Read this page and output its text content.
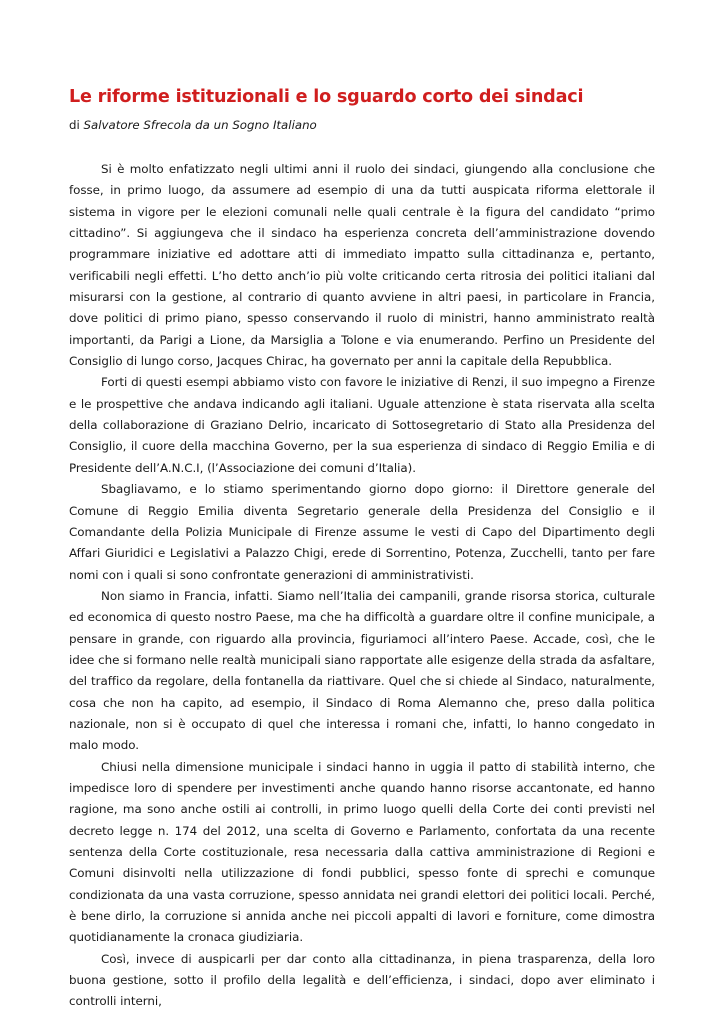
Le riforme istituzionali e lo sguardo corto dei sindaci
di Salvatore Sfrecola da un Sogno Italiano

Si è molto enfatizzato negli ultimi anni il ruolo dei sindaci, giungendo alla conclusione che fosse, in primo luogo, da assumere ad esempio di una da tutti auspicata riforma elettorale il sistema in vigore per le elezioni comunali nelle quali centrale è la figura del candidato “primo cittadino”. Si aggiungeva che il sindaco ha esperienza concreta dell’amministrazione dovendo programmare iniziative ed adottare atti di immediato impatto sulla cittadinanza e, pertanto, verificabili negli effetti. L’ho detto anch’io più volte criticando certa ritrosia dei politici italiani dal misurarsi con la gestione, al contrario di quanto avviene in altri paesi, in particolare in Francia, dove politici di primo piano, spesso conservando il ruolo di ministri, hanno amministrato realtà importanti, da Parigi a Lione, da Marsiglia a Tolone e via enumerando. Perfino un Presidente del Consiglio di lungo corso, Jacques Chirac, ha governato per anni la capitale della Repubblica.

Forti di questi esempi abbiamo visto con favore le iniziative di Renzi, il suo impegno a Firenze e le prospettive che andava indicando agli italiani. Uguale attenzione è stata riservata alla scelta della collaborazione di Graziano Delrio, incaricato di Sottosegretario di Stato alla Presidenza del Consiglio, il cuore della macchina Governo, per la sua esperienza di sindaco di Reggio Emilia e di Presidente dell’A.N.C.I, (l’Associazione dei comuni d’Italia).

Sbagliavamo, e lo stiamo sperimentando giorno dopo giorno: il Direttore generale del Comune di Reggio Emilia diventa Segretario generale della Presidenza del Consiglio e il Comandante della Polizia Municipale di Firenze assume le vesti di Capo del Dipartimento degli Affari Giuridici e Legislativi a Palazzo Chigi, erede di Sorrentino, Potenza, Zucchelli, tanto per fare nomi con i quali si sono confrontate generazioni di amministrativisti.

Non siamo in Francia, infatti. Siamo nell’Italia dei campanili, grande risorsa storica, culturale ed economica di questo nostro Paese, ma che ha difficoltà a guardare oltre il confine municipale, a pensare in grande, con riguardo alla provincia, figuriamoci all’intero Paese. Accade, così, che le idee che si formano nelle realtà municipali siano rapportate alle esigenze della strada da asfaltare, del traffico da regolare, della fontanella da riattivare. Quel che si chiede al Sindaco, naturalmente, cosa che non ha capito, ad esempio, il Sindaco di Roma Alemanno che, preso dalla politica nazionale, non si è occupato di quel che interessa i romani che, infatti, lo hanno congedato in malo modo.

Chiusi nella dimensione municipale i sindaci hanno in uggia il patto di stabilità interno, che impedisce loro di spendere per investimenti anche quando hanno risorse accantonate, ed hanno ragione, ma sono anche ostili ai controlli, in primo luogo quelli della Corte dei conti previsti nel decreto legge n. 174 del 2012, una scelta di Governo e Parlamento, confortata da una recente sentenza della Corte costituzionale, resa necessaria dalla cattiva amministrazione di Regioni e Comuni disinvolti nella utilizzazione di fondi pubblici, spesso fonte di sprechi e comunque condizionata da una vasta corruzione, spesso annidata nei grandi elettori dei politici locali. Perché, è bene dirlo, la corruzione si annida anche nei piccoli appalti di lavori e forniture, come dimostra quotidianamente la cronaca giudiziaria.

Così, invece di auspicarli per dar conto alla cittadinanza, in piena trasparenza, della loro buona gestione, sotto il profilo della legalità e dell’efficienza, i sindaci, dopo aver eliminato i controlli interni,
